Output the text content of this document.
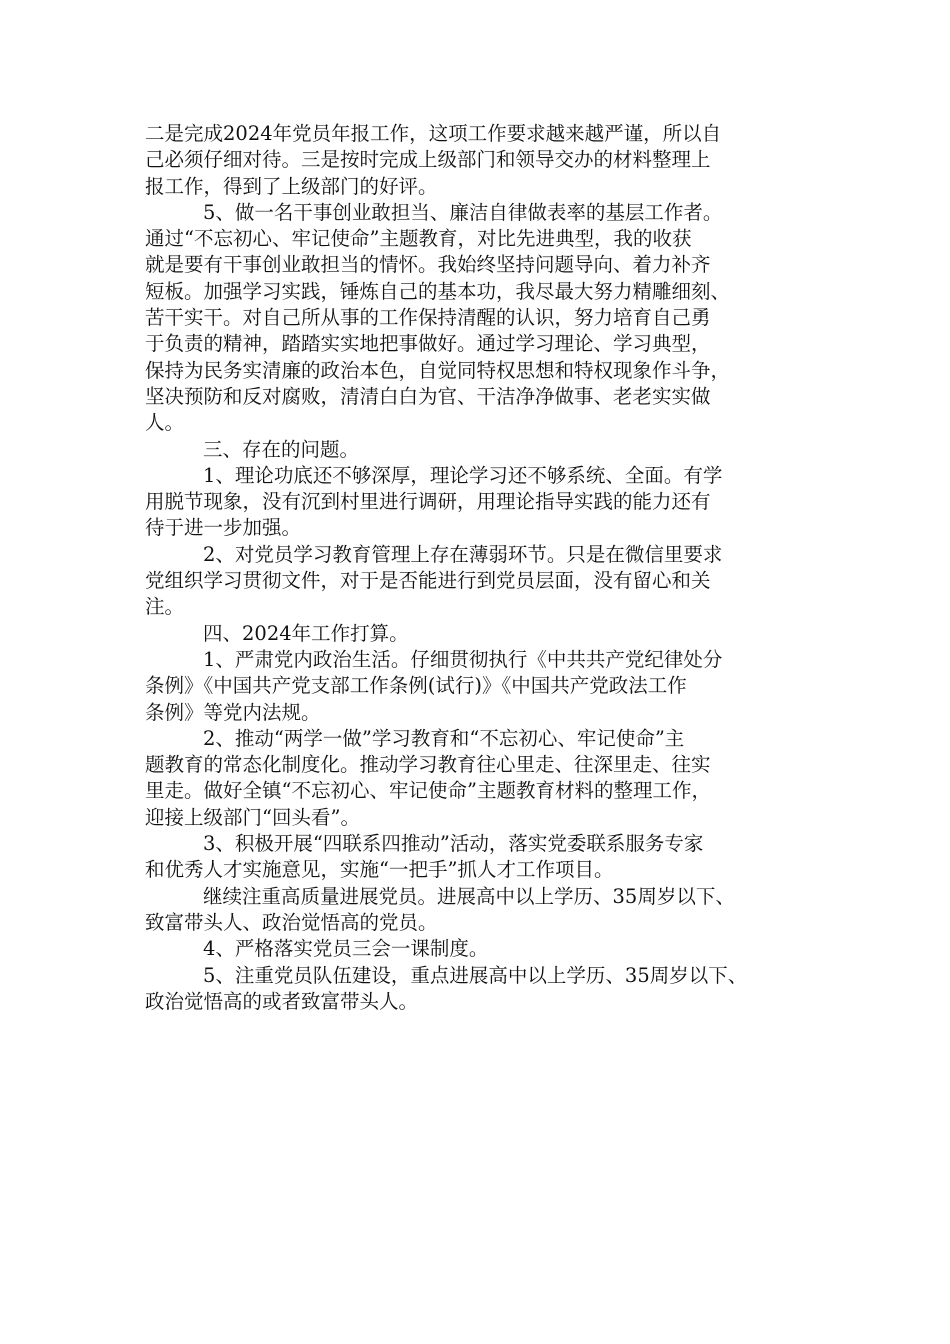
二是完成2024年党员年报工作，这项工作要求越来越严谨，所以自
己必须仔细对待。三是按时完成上级部门和领导交办的材料整理上
报工作，得到了上级部门的好评。
5、做一名干事创业敢担当、廉洁自律做表率的基层工作者。
通过“不忘初心、牢记使命”主题教育，对比先进典型，我的收获
就是要有干事创业敢担当的情怀。我始终坚持问题导向、着力补齐
短板。加强学习实践，锤炼自己的基本功，我尽最大努力精雕细刻、
苦干实干。对自己所从事的工作保持清醒的认识，努力培育自己勇
于负责的精神，踏踏实实地把事做好。通过学习理论、学习典型，
保持为民务实清廉的政治本色，自觉同特权思想和特权现象作斗争，
坚决预防和反对腐败，清清白白为官、干洁净净做事、老老实实做
人。
三、存在的问题。
1、理论功底还不够深厚，理论学习还不够系统、全面。有学
用脱节现象，没有沉到村里进行调研，用理论指导实践的能力还有
待于进一步加强。
2、对党员学习教育管理上存在薄弱环节。只是在微信里要求
党组织学习贯彻文件，对于是否能进行到党员层面，没有留心和关
注。
四、2024年工作打算。
1、严肃党内政治生活。仔细贯彻执行《中共共产党纪律处分
条例》《中国共产党支部工作条例(试行)》《中国共产党政法工作
条例》等党内法规。
2、推动“两学一做”学习教育和“不忘初心、牢记使命”主
题教育的常态化制度化。推动学习教育往心里走、往深里走、往实
里走。做好全镇“不忘初心、牢记使命”主题教育材料的整理工作，
迎接上级部门“回头看”。
3、积极开展“四联系四推动”活动，落实党委联系服务专家
和优秀人才实施意见，实施“一把手”抓人才工作项目。
继续注重高质量进展党员。进展高中以上学历、35周岁以下、
致富带头人、政治觉悟高的党员。
4、严格落实党员三会一课制度。
5、注重党员队伍建设，重点进展高中以上学历、35周岁以下、
政治觉悟高的或者致富带头人。
